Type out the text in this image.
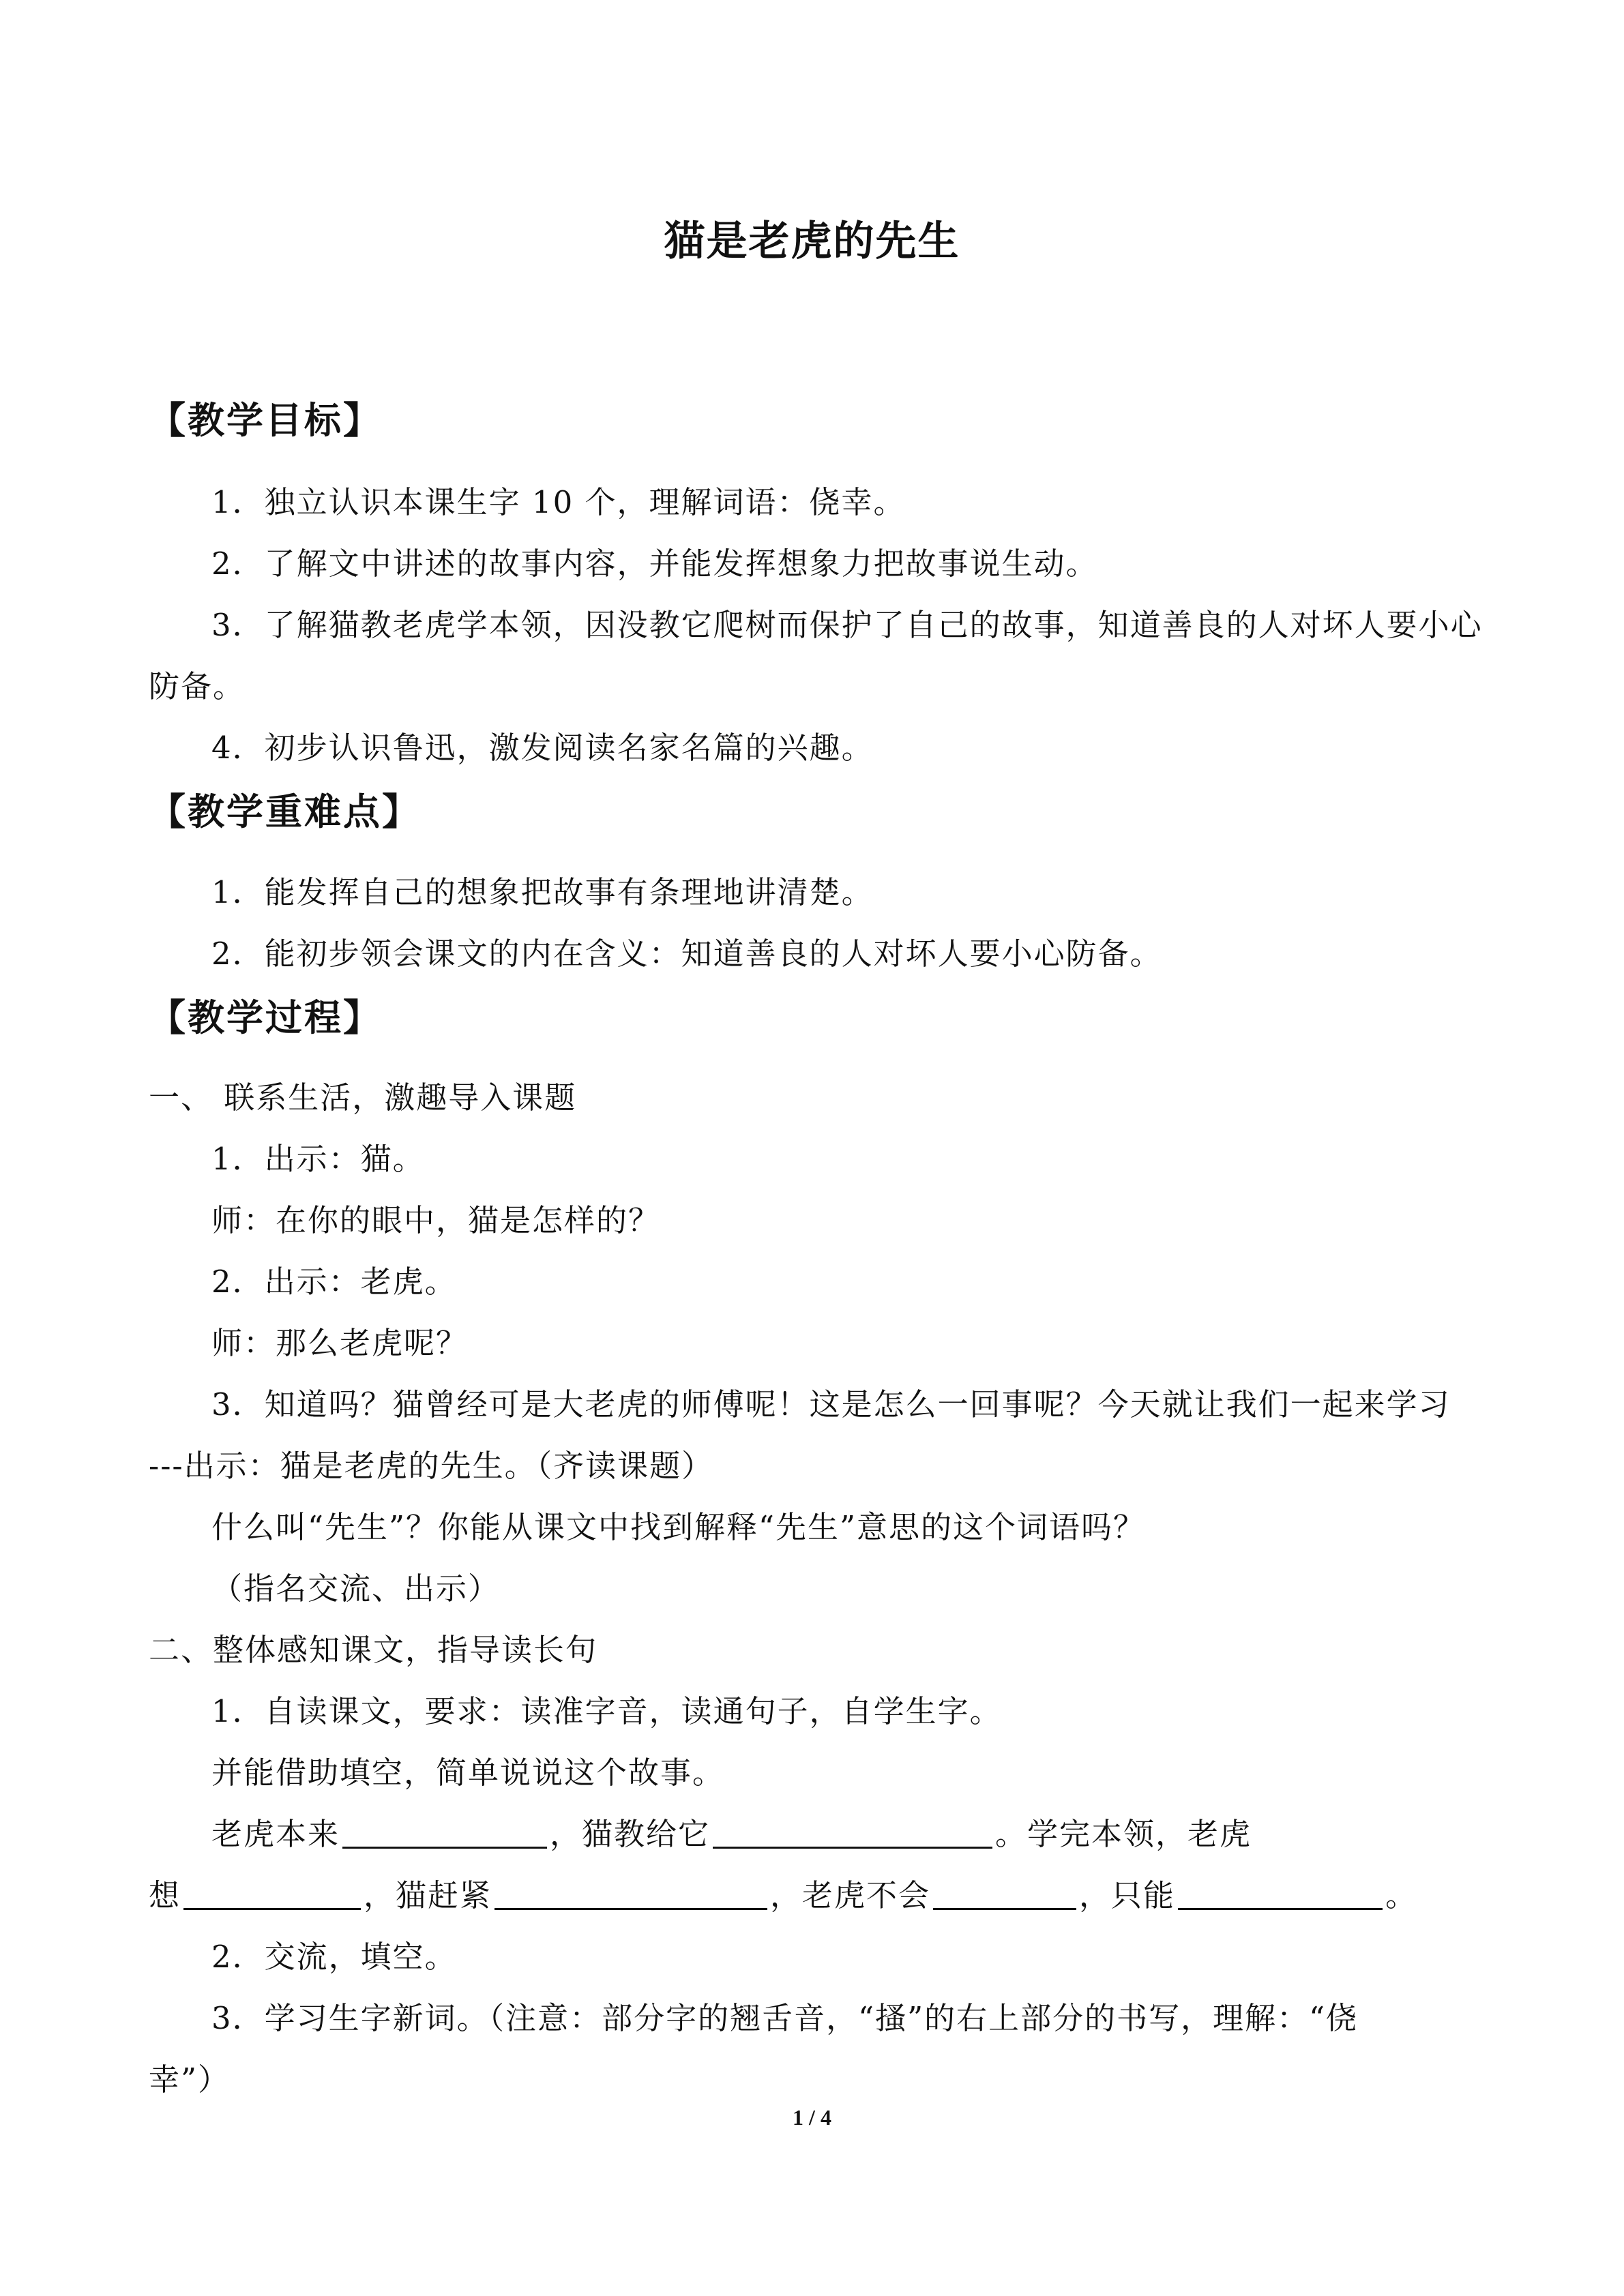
猫是老虎的先生
【教学目标】
1．独立认识本课生字 10 个，理解词语：侥幸。
2．了解文中讲述的故事内容，并能发挥想象力把故事说生动。
3．了解猫教老虎学本领，因没教它爬树而保护了自己的故事，知道善良的人对坏人要小心
防备。
4．初步认识鲁迅，激发阅读名家名篇的兴趣。
【教学重难点】
1．能发挥自己的想象把故事有条理地讲清楚。
2．能初步领会课文的内在含义：知道善良的人对坏人要小心防备。
【教学过程】
一、 联系生活，激趣导入课题
1．出示：猫。
师：在你的眼中，猫是怎样的？
2．出示：老虎。
师：那么老虎呢？
3．知道吗？猫曾经可是大老虎的师傅呢！这是怎么一回事呢？今天就让我们一起来学习
---出示：猫是老虎的先生。（齐读课题）
什么叫“先生”？你能从课文中找到解释“先生”意思的这个词语吗？
（指名交流、出示）
二、整体感知课文，指导读长句
1．自读课文，要求：读准字音，读通句子，自学生字。
并能借助填空，简单说说这个故事。
老虎本来	，猫教给它	。学完本领，老虎
想	，猫赶紧	，老虎不会	，只能	。
2．交流，填空。
3．学习生字新词。（注意：部分字的翘舌音，“搔”的右上部分的书写，理解：“侥
幸”）
1 / 4
